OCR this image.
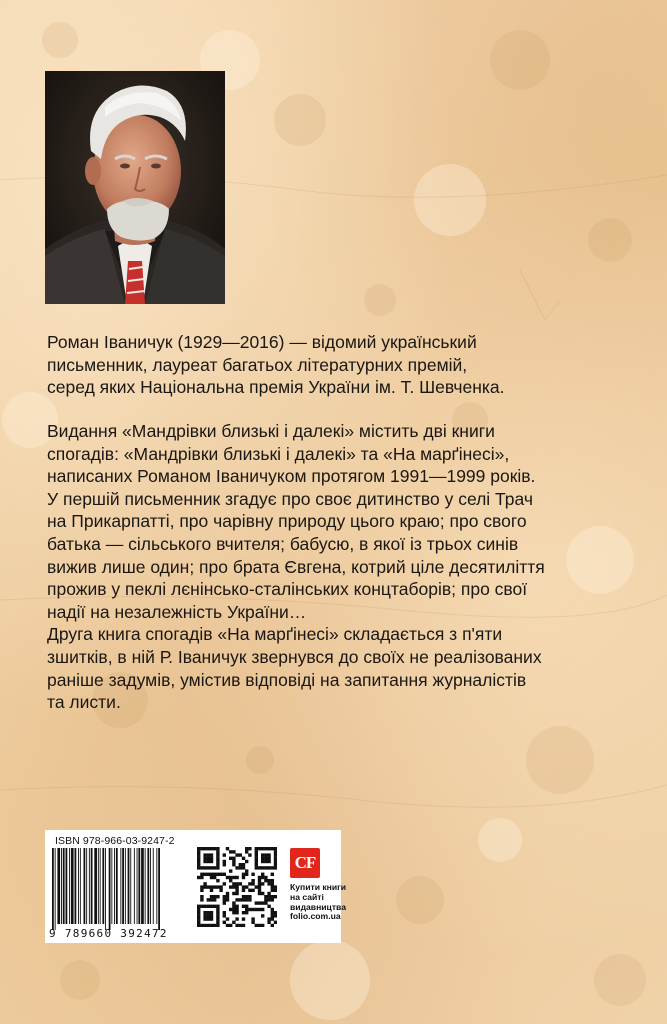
Роман Іваничук (1929—2016) — відомий український
письменник, лауреат багатьох літературних премій,
серед яких Національна премія України ім. Т. Шевченка.

Видання «Мандрівки близькі і далекі» містить дві книги
спогадів: «Мандрівки близькі і далекі» та «На марґінесі»,
написаних Романом Іваничуком протягом 1991—1999 років.
У першій письменник згадує про своє дитинство у селі Трач
на Прикарпатті, про чарівну природу цього краю; про свого
батька — сільського вчителя; бабусю, в якої із трьох синів
вижив лише один; про брата Євгена, котрий ціле десятиліття
прожив у пеклі лєнінсько-сталінських концтаборів; про свої
надії на незалежність України…

Друга книга спогадів «На марґінесі» складається з п'яти
зшитків, в ній Р. Іваничук звернувся до своїх не реалізованих
раніше задумів, умістив відповіді на запитання журналістів
та листи.

ISBN 978-966-03-9247-2
9 789660 392472
CF
Купити книги
на сайті
видавництва
folio.com.ua
